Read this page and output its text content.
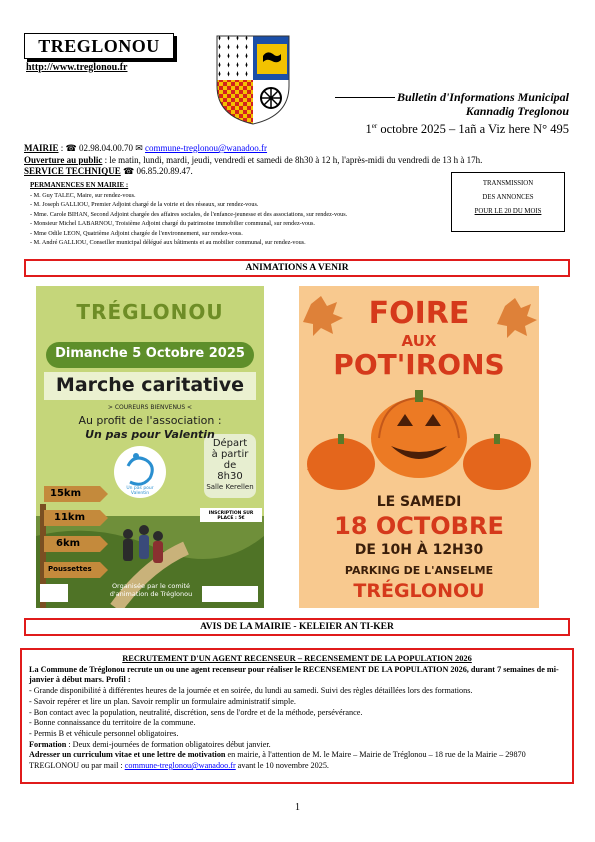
TREGLONOU
http://www.treglonou.fr
Bulletin d'Informations Municipal
Kannadig Treglonou
1er octobre 2025 – 1añ a Viz here N° 495
MAIRIE : ☎ 02.98.04.00.70 ✉ commune-treglonou@wanadoo.fr
Ouverture au public : le matin, lundi, mardi, jeudi, vendredi et samedi de 8h30 à 12 h, l'après-midi du vendredi de 13 h à 17h.
SERVICE TECHNIQUE ☎ 06.85.20.89.47.
PERMANENCES EN MAIRIE :
- M. Guy TALEC, Maire, sur rendez-vous.
- M. Joseph GALLIOU, Premier Adjoint chargé de la voirie et des réseaux, sur rendez-vous.
- Mme. Carole BIHAN, Second Adjoint chargée des affaires sociales, de l'enfance-jeunesse et des associations, sur rendez-vous.
- Monsieur Michel LABARNOU, Troisième Adjoint chargé du patrimoine immobilier communal, sur rendez-vous.
- Mme Odile LEON, Quatrième Adjoint chargée de l'environnement, sur rendez-vous.
- M. André GALLIOU, Conseiller municipal délégué aux bâtiments et au mobilier communal, sur rendez-vous.
TRANSMISSION
DES ANNONCES
POUR LE 20 DU MOIS
ANIMATIONS A VENIR
TRÉGLONOU
Dimanche 5 Octobre 2025
Marche caritative
> COUREURS BIENVENUS <
Au profit de l'association :
Un pas pour Valentin
Un pas pour Valentin
Départ
à partir de
8h30
Salle Kerellen
15km
11km
6km
Poussettes
INSCRIPTION SUR PLACE : 5€
Organisée par le comité
d'animation de Tréglonou
FOIRE
AUX
POT'IRONS
LE SAMEDI
18 OCTOBRE
DE 10H À 12H30
PARKING DE L'ANSELME
TRÉGLONOU
AVIS DE LA MAIRIE - KELEIER AN TI-KER
RECRUTEMENT D'UN AGENT RECENSEUR – RECENSEMENT DE LA POPULATION 2026
La Commune de Tréglonou recrute un ou une agent recenseur pour réaliser le RECENSEMENT DE LA POPULATION 2026, durant 7 semaines de mi-janvier à début mars. Profil :
- Grande disponibilité à différentes heures de la journée et en soirée, du lundi au samedi. Suivi des règles détaillées lors des formations.
- Savoir repérer et lire un plan. Savoir remplir un formulaire administratif simple.
- Bon contact avec la population, neutralité, discrétion, sens de l'ordre et de la méthode, persévérance.
- Bonne connaissance du territoire de la commune.
- Permis B et véhicule personnel obligatoires.
Formation : Deux demi-journées de formation obligatoires début janvier.
Adresser un curriculum vitae et une lettre de motivation en mairie, à l'attention de M. le Maire – Mairie de Tréglonou – 18 rue de la Mairie – 29870 TREGLONOU ou par mail : commune-treglonou@wanadoo.fr avant le 10 novembre 2025.
1
